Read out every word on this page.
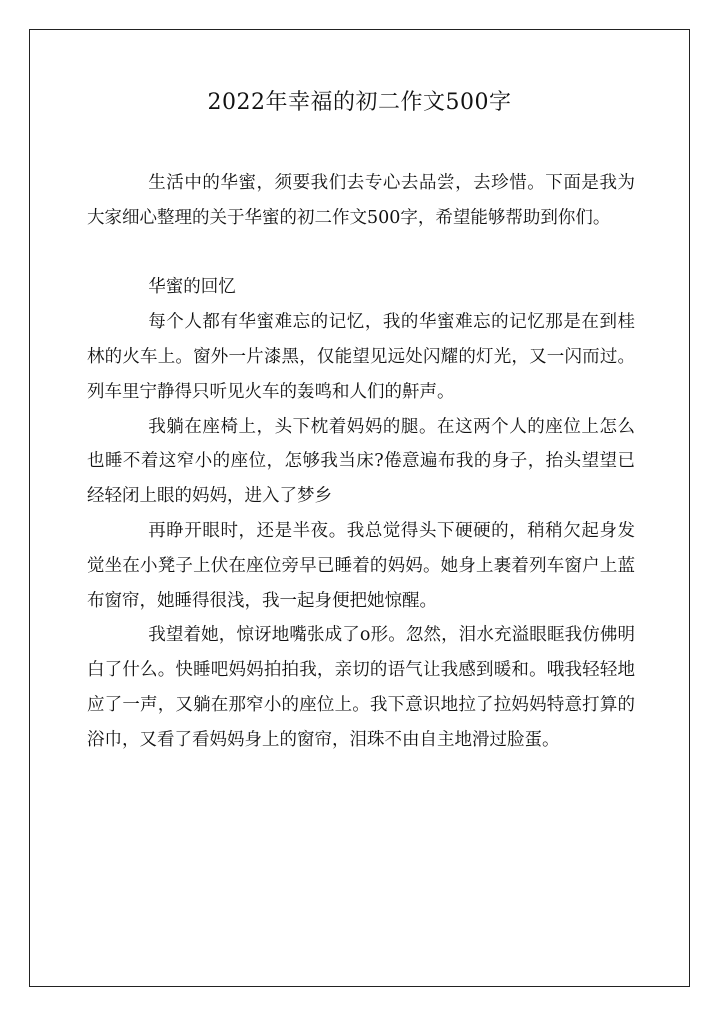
2022年幸福的初二作文500字

生活中的华蜜，须要我们去专心去品尝，去珍惜。下面是我为大家细心整理的关于华蜜的初二作文500字，希望能够帮助到你们。

华蜜的回忆

每个人都有华蜜难忘的记忆，我的华蜜难忘的记忆那是在到桂林的火车上。窗外一片漆黑，仅能望见远处闪耀的灯光，又一闪而过。列车里宁静得只听见火车的轰鸣和人们的鼾声。

我躺在座椅上，头下枕着妈妈的腿。在这两个人的座位上怎么也睡不着这窄小的座位，怎够我当床?倦意遍布我的身子，抬头望望已经轻闭上眼的妈妈，进入了梦乡

再睁开眼时，还是半夜。我总觉得头下硬硬的，稍稍欠起身发觉坐在小凳子上伏在座位旁早已睡着的妈妈。她身上裹着列车窗户上蓝布窗帘，她睡得很浅，我一起身便把她惊醒。

我望着她，惊讶地嘴张成了o形。忽然，泪水充溢眼眶我仿佛明白了什么。快睡吧妈妈拍拍我，亲切的语气让我感到暖和。哦我轻轻地应了一声，又躺在那窄小的座位上。我下意识地拉了拉妈妈特意打算的浴巾，又看了看妈妈身上的窗帘，泪珠不由自主地滑过脸蛋。
